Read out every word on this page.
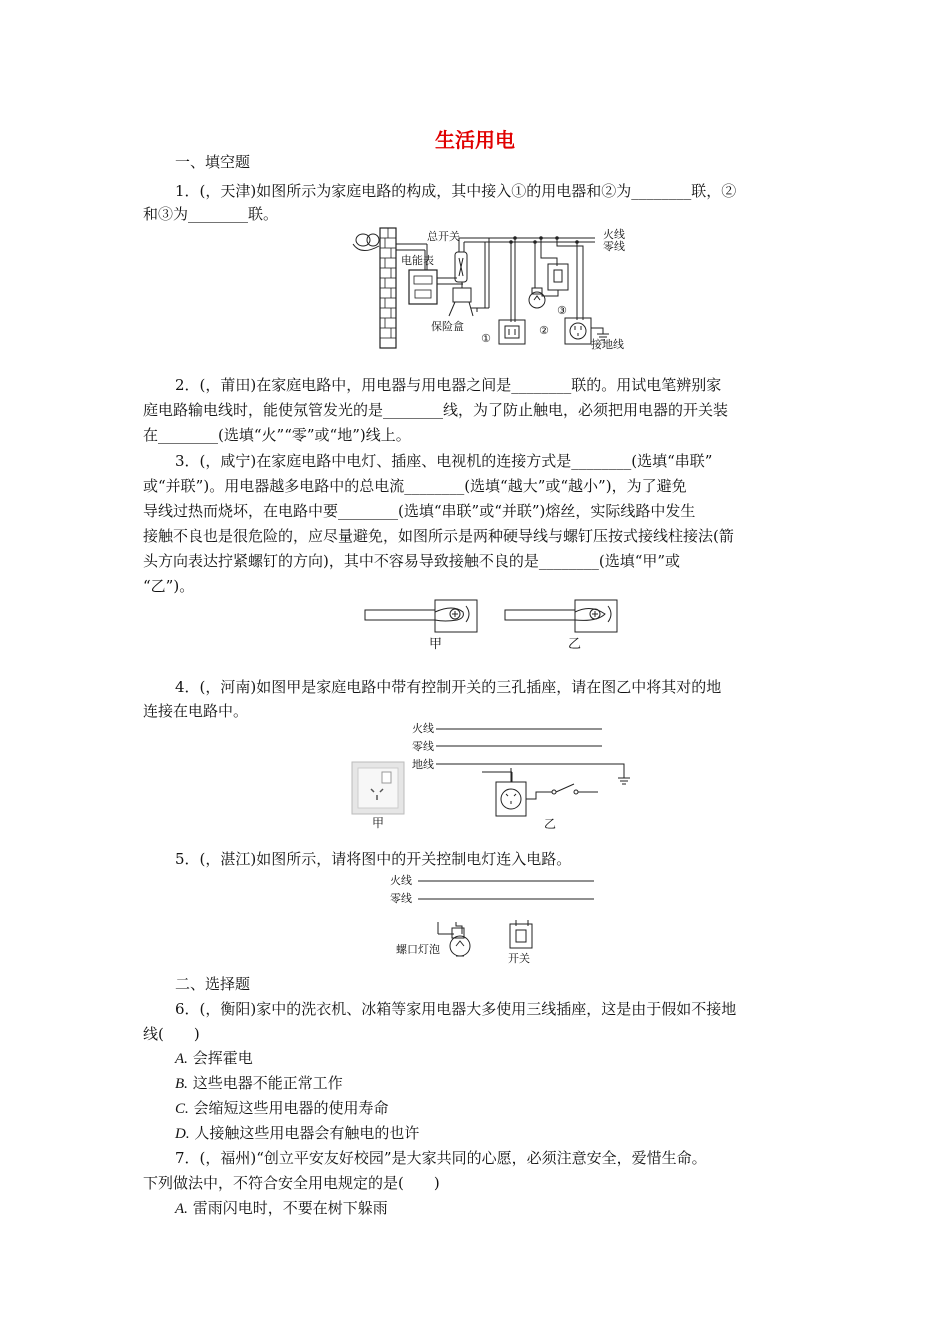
生活用电
一、填空题
1．(，天津)如图所示为家庭电路的构成，其中接入①的用电器和②为________联，②
和③为________联。
电能表
总开关
保险盒
火线
零线
①
②
③
接地线
2．(，莆田)在家庭电路中，用电器与用电器之间是________联的。用试电笔辨别家
庭电路输电线时，能使氖管发光的是________线，为了防止触电，必须把用电器的开关装
在________(选填“火”“零”或“地”)线上。
3．(，咸宁)在家庭电路中电灯、插座、电视机的连接方式是________(选填“串联”
或“并联”)。用电器越多电路中的总电流________(选填“越大”或“越小”)，为了避免
导线过热而烧坏，在电路中要________(选填“串联”或“并联”)熔丝，实际线路中发生
接触不良也是很危险的，应尽量避免，如图所示是两种硬导线与螺钉压按式接线柱接法(箭
头方向表达拧紧螺钉的方向)，其中不容易导致接触不良的是________(选填“甲”或
“乙”)。
甲	乙
4．(，河南)如图甲是家庭电路中带有控制开关的三孔插座，请在图乙中将其对的地
连接在电路中。
甲
火线
零线
地线
乙
5．(，湛江)如图所示，请将图中的开关控制电灯连入电路。
火线
零线
螺口灯泡
开关
二、选择题
6．(，衡阳)家中的洗衣机、冰箱等家用电器大多使用三线插座，这是由于假如不接地
线(　　)
A. 会挥霍电
B. 这些电器不能正常工作
C. 会缩短这些用电器的使用寿命
D. 人接触这些用电器会有触电的也许
7．(，福州)“创立平安友好校园”是大家共同的心愿，必须注意安全，爱惜生命。
下列做法中，不符合安全用电规定的是(　　)
A. 雷雨闪电时，不要在树下躲雨
